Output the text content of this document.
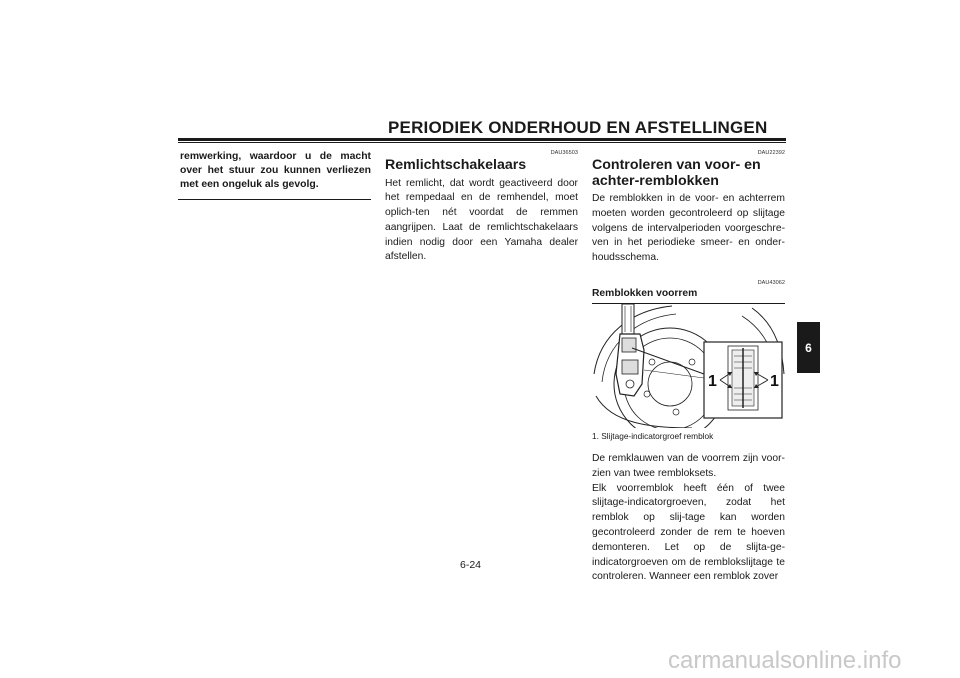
PERIODIEK ONDERHOUD EN AFSTELLINGEN
remwerking, waardoor u de macht over het stuur zou kunnen verliezen met een ongeluk als gevolg.
DAU36503
Remlichtschakelaars

Het remlicht, dat wordt geactiveerd door het rempedaal en de remhendel, moet oplich-ten nét voordat de remmen aangrijpen. Laat de remlichtschakelaars indien nodig door een Yamaha dealer afstellen.

DAU22392
Controleren van voor- en achter-remblokken

De remblokken in de voor- en achterrem moeten worden gecontroleerd op slijtage volgens de intervalperioden voorgeschre-ven in het periodieke smeer- en onder-houdsschema.

DAU43062
Remblokken voorrem
1	1
1. Slijtage-indicatorgroef remblok

De remklauwen van de voorrem zijn voor-zien van twee rembloksets.

Elk voorremblok heeft één of twee slijtage-indicatorgroeven, zodat het remblok op slij-tage kan worden gecontroleerd zonder de rem te hoeven demonteren. Let op de slijta-ge-indicatorgroeven om de remblokslijtage te controleren. Wanneer een remblok zover

6-24
6
carmanualsonline.info
